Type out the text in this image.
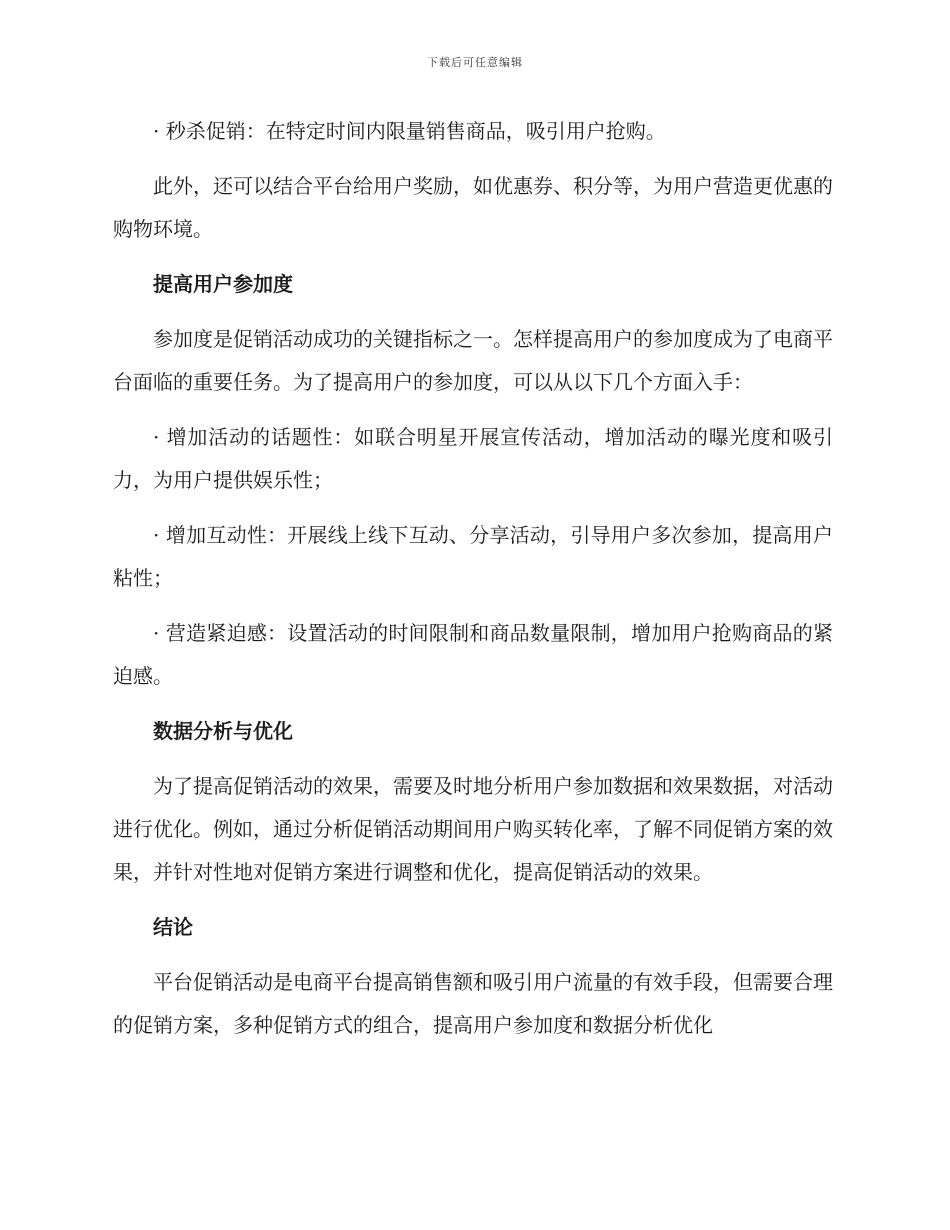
下载后可任意编辑

· 秒杀促销：在特定时间内限量销售商品，吸引用户抢购。

此外，还可以结合平台给用户奖励，如优惠券、积分等，为用户营造更优惠的购物环境。

提高用户参加度

参加度是促销活动成功的关键指标之一。怎样提高用户的参加度成为了电商平台面临的重要任务。为了提高用户的参加度，可以从以下几个方面入手：

· 增加活动的话题性：如联合明星开展宣传活动，增加活动的曝光度和吸引力，为用户提供娱乐性；

· 增加互动性：开展线上线下互动、分享活动，引导用户多次参加，提高用户粘性；

· 营造紧迫感：设置活动的时间限制和商品数量限制，增加用户抢购商品的紧迫感。

数据分析与优化

为了提高促销活动的效果，需要及时地分析用户参加数据和效果数据，对活动进行优化。例如，通过分析促销活动期间用户购买转化率，了解不同促销方案的效果，并针对性地对促销方案进行调整和优化，提高促销活动的效果。

结论

平台促销活动是电商平台提高销售额和吸引用户流量的有效手段，但需要合理的促销方案，多种促销方式的组合，提高用户参加度和数据分析优化
